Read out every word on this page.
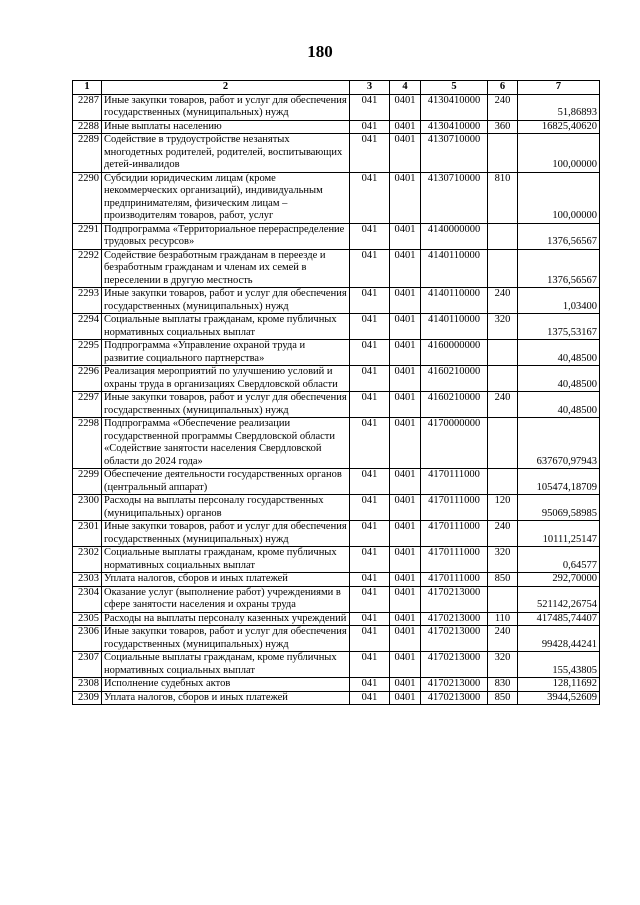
180
1	2	3	4	5	6	7
2287	Иные закупки товаров, работ и услуг для обеспечения государственных (муниципальных) нужд	041	0401	4130410000	240	51,86893
2288	Иные выплаты населению	041	0401	4130410000	360	16825,40620
2289	Содействие в трудоустройстве незанятых многодетных родителей, родителей, воспитывающих детей-инвалидов	041	0401	4130710000		100,00000
2290	Субсидии юридическим лицам (кроме некоммерческих организаций), индивидуальным предпринимателям, физическим лицам – производителям товаров, работ, услуг	041	0401	4130710000	810	100,00000
2291	Подпрограмма «Территориальное перераспределение трудовых ресурсов»	041	0401	4140000000		1376,56567
2292	Содействие безработным гражданам в переезде и безработным гражданам и членам их семей в переселении в другую местность	041	0401	4140110000		1376,56567
2293	Иные закупки товаров, работ и услуг для обеспечения государственных (муниципальных) нужд	041	0401	4140110000	240	1,03400
2294	Социальные выплаты гражданам, кроме публичных нормативных социальных выплат	041	0401	4140110000	320	1375,53167
2295	Подпрограмма «Управление охраной труда и развитие социального партнерства»	041	0401	4160000000		40,48500
2296	Реализация мероприятий по улучшению условий и охраны труда в организациях Свердловской области	041	0401	4160210000		40,48500
2297	Иные закупки товаров, работ и услуг для обеспечения государственных (муниципальных) нужд	041	0401	4160210000	240	40,48500
2298	Подпрограмма «Обеспечение реализации государственной программы Свердловской области «Содействие занятости населения Свердловской области до 2024 года»	041	0401	4170000000		637670,97943
2299	Обеспечение деятельности государственных органов (центральный аппарат)	041	0401	4170111000		105474,18709
2300	Расходы на выплаты персоналу государственных (муниципальных) органов	041	0401	4170111000	120	95069,58985
2301	Иные закупки товаров, работ и услуг для обеспечения государственных (муниципальных) нужд	041	0401	4170111000	240	10111,25147
2302	Социальные выплаты гражданам, кроме публичных нормативных социальных выплат	041	0401	4170111000	320	0,64577
2303	Уплата налогов, сборов и иных платежей	041	0401	4170111000	850	292,70000
2304	Оказание услуг (выполнение работ) учреждениями в сфере занятости населения и охраны труда	041	0401	4170213000		521142,26754
2305	Расходы на выплаты персоналу казенных учреждений	041	0401	4170213000	110	417485,74407
2306	Иные закупки товаров, работ и услуг для обеспечения государственных (муниципальных) нужд	041	0401	4170213000	240	99428,44241
2307	Социальные выплаты гражданам, кроме публичных нормативных социальных выплат	041	0401	4170213000	320	155,43805
2308	Исполнение судебных актов	041	0401	4170213000	830	128,11692
2309	Уплата налогов, сборов и иных платежей	041	0401	4170213000	850	3944,52609
